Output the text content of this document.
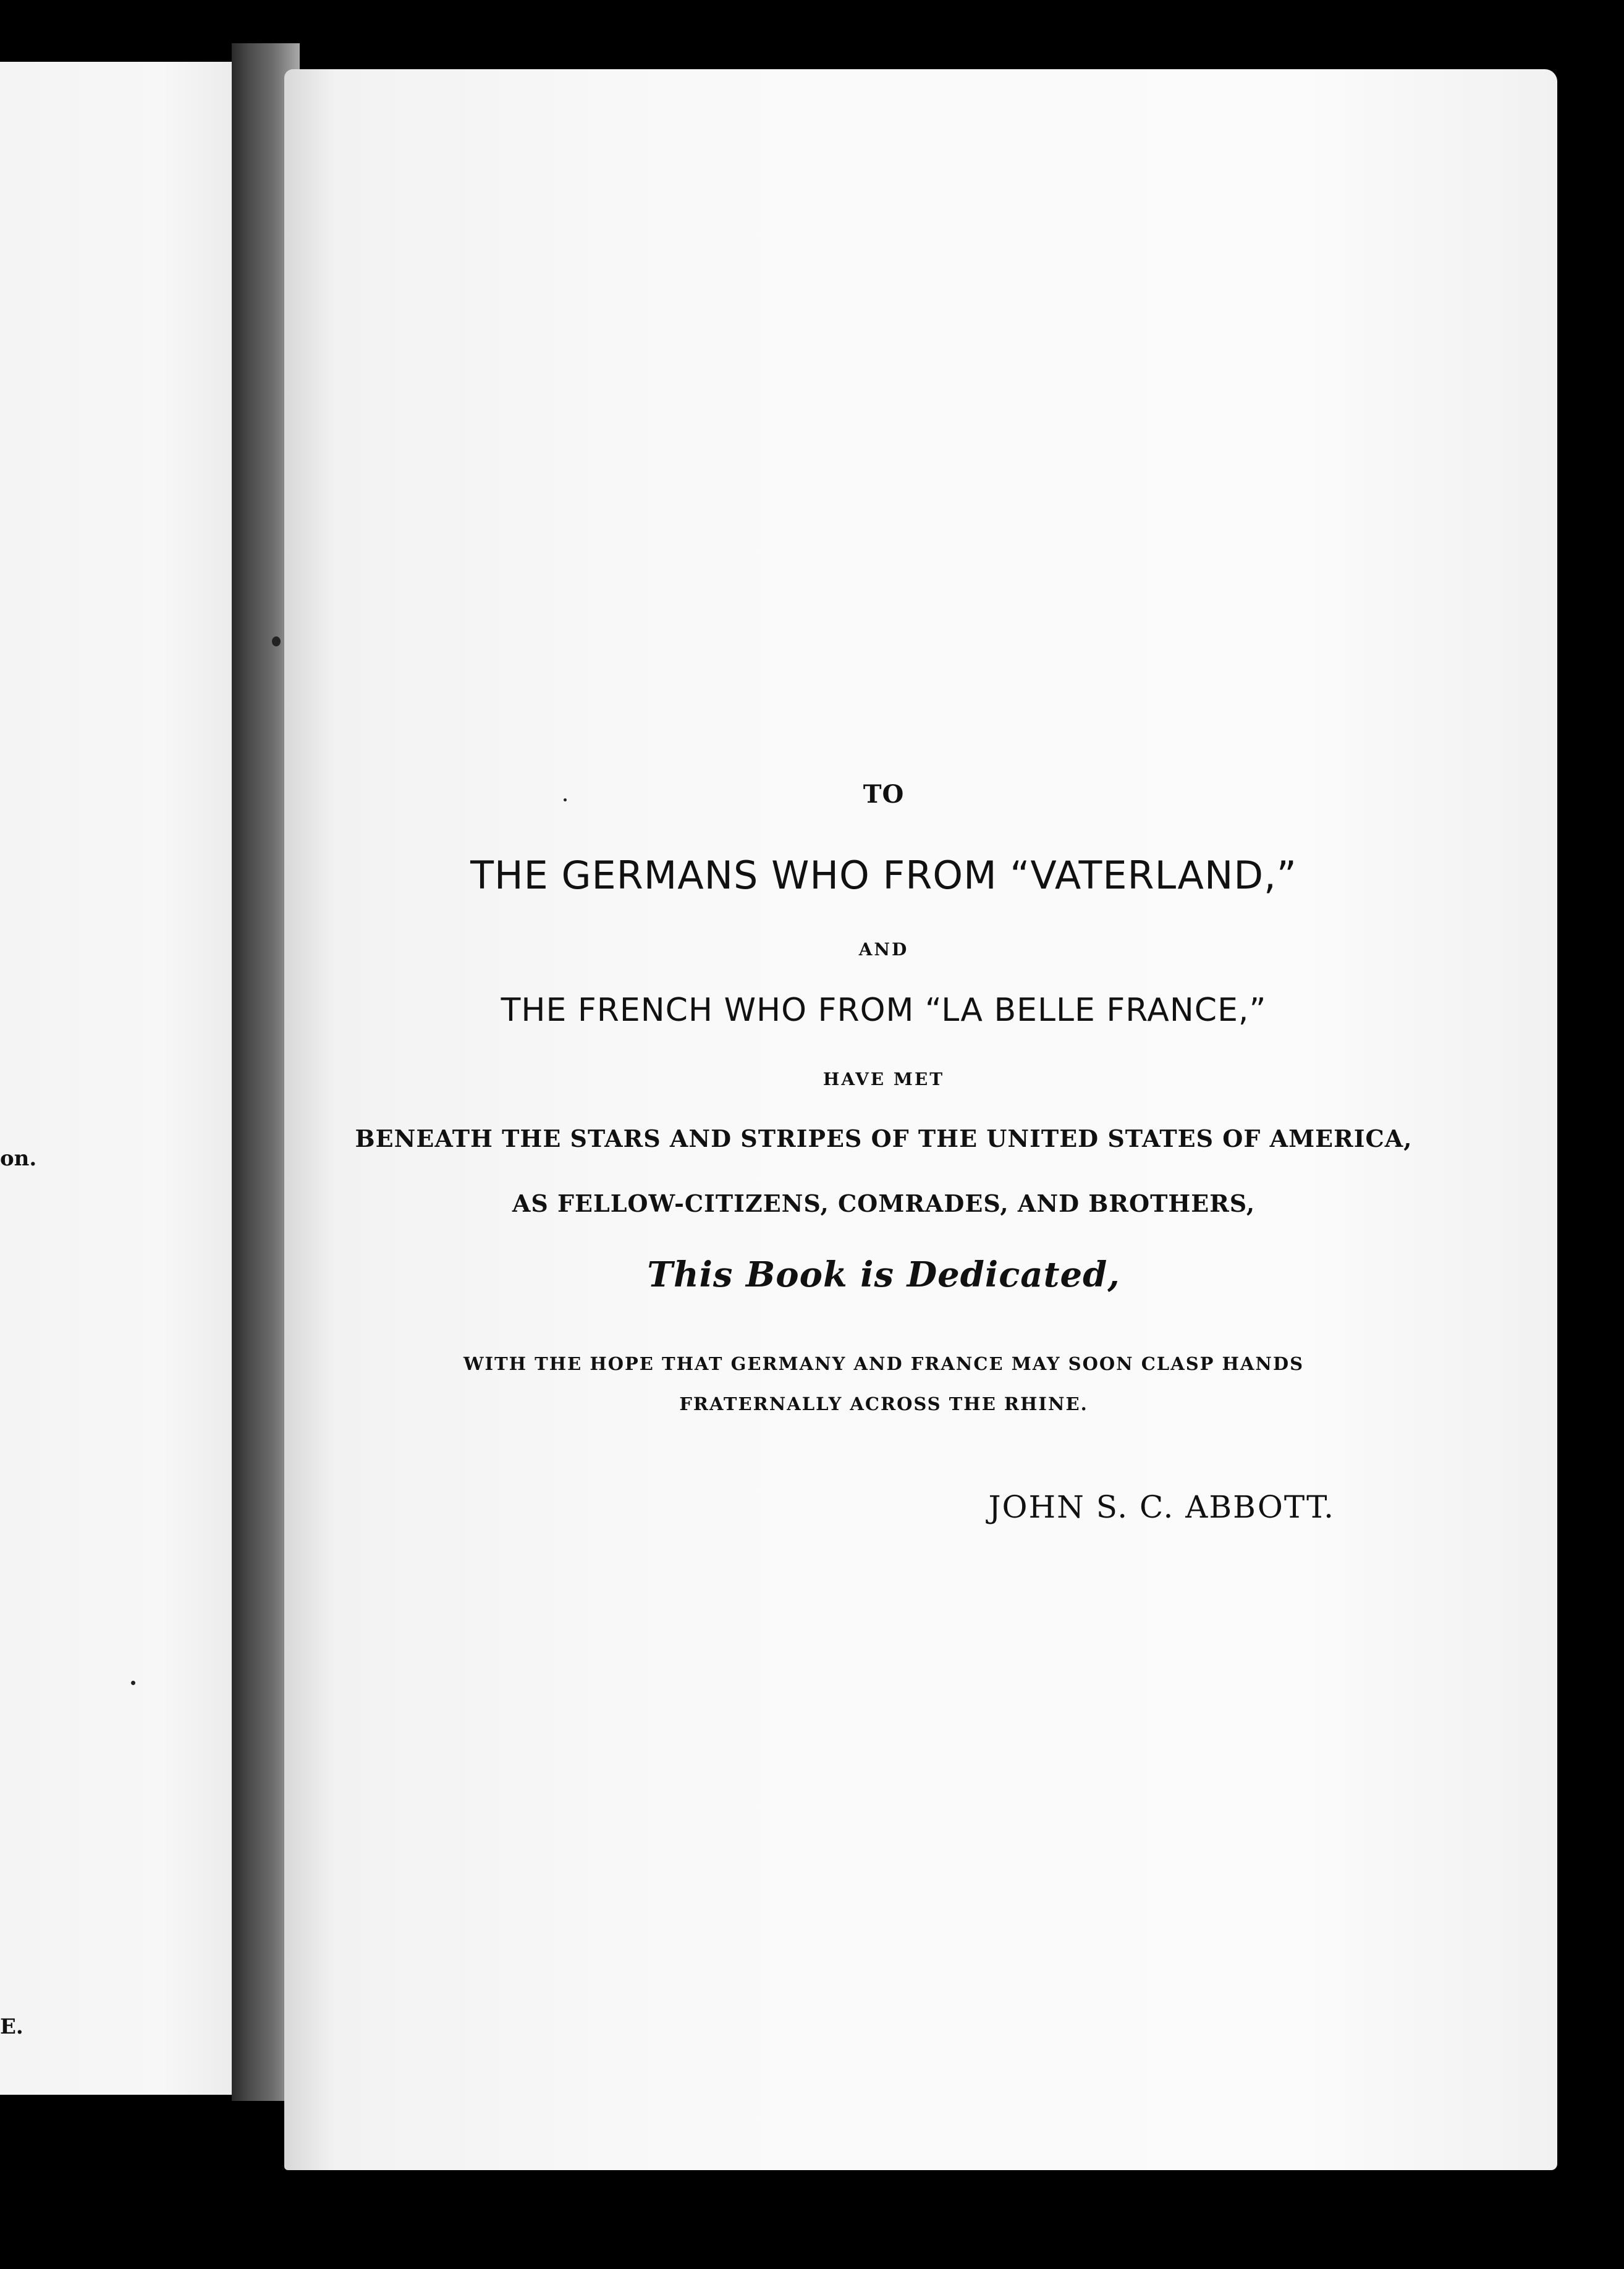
on.
E.
TO
THE GERMANS WHO FROM “VATERLAND,”
AND
THE FRENCH WHO FROM “LA BELLE FRANCE,”
HAVE MET
BENEATH THE STARS AND STRIPES OF THE UNITED STATES OF AMERICA,
AS FELLOW-CITIZENS, COMRADES, AND BROTHERS,
This Book is Dedicated,
WITH THE HOPE THAT GERMANY AND FRANCE MAY SOON CLASP HANDS
FRATERNALLY ACROSS THE RHINE.
JOHN S. C. ABBOTT.
